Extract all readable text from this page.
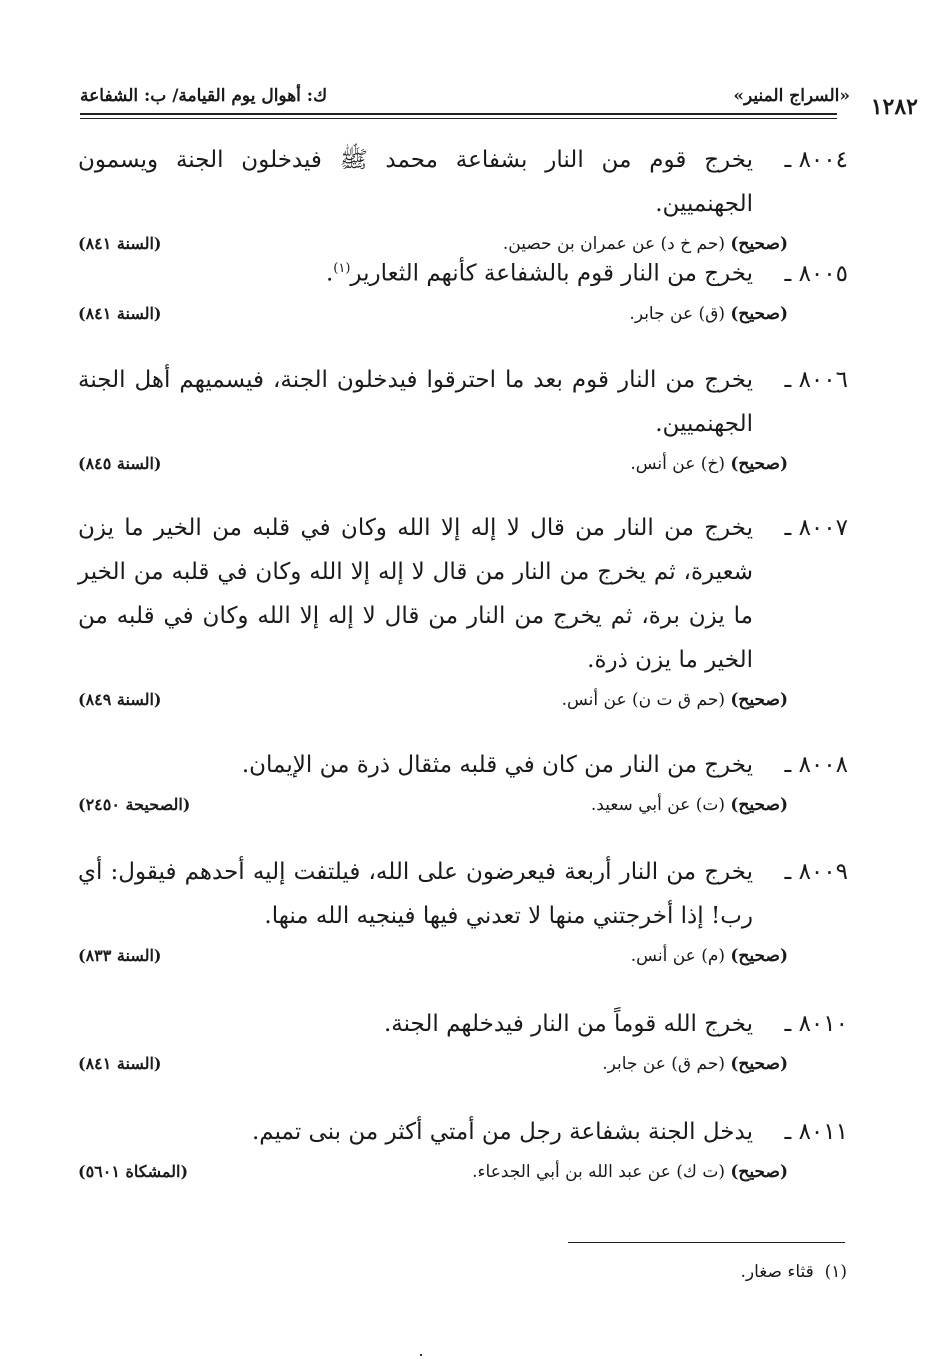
«السراج المنير» ١٢٨٢
ك: أهوال يوم القيامة/ ب: الشفاعة
٨٠٠٤ ـيخرج قوم من النار بشفاعة محمد ﷺ فيدخلون الجنة ويسمون الجهنميين.
(صحيح) (حم خ د) عن عمران بن حصين.
(السنة ٨٤١)
٨٠٠٥ ـيخرج من النار قوم بالشفاعة كأنهم الثعارير$^{(١)}$.
(صحيح) (ق) عن جابر.
(السنة ٨٤١)
٨٠٠٦ ـيخرج من النار قوم بعد ما احترقوا فيدخلون الجنة، فيسميهم أهل الجنة الجهنميين.
(صحيح) (خ) عن أنس.
(السنة ٨٤٥)
٨٠٠٧ ـيخرج من النار من قال لا إله إلا الله وكان في قلبه من الخير ما يزن شعيرة، ثم يخرج من النار من قال لا إله إلا الله وكان في قلبه من الخير ما يزن برة، ثم يخرج من النار من قال لا إله إلا الله وكان في قلبه من الخير ما يزن ذرة.
(صحيح) (حم ق ت ن) عن أنس.
(السنة ٨٤٩)
٨٠٠٨ ـيخرج من النار من كان في قلبه مثقال ذرة من الإيمان.
(صحيح) (ت) عن أبي سعيد.
(الصحيحة ٢٤٥٠)
٨٠٠٩ ـيخرج من النار أربعة فيعرضون على الله، فيلتفت إليه أحدهم فيقول: أي رب! إذا أخرجتني منها لا تعدني فيها فينجيه الله منها.
(صحيح) (م) عن أنس.
(السنة ٨٣٣)
٨٠١٠ ـيخرج الله قوماً من النار فيدخلهم الجنة.
(صحيح) (حم ق) عن جابر.
(السنة ٨٤١)
٨٠١١ ـيدخل الجنة بشفاعة رجل من أمتي أكثر من بنى تميم.
(صحيح) (ت ك) عن عبد الله بن أبي الجدعاء.
(المشكاة ٥٦٠١)
(١)  قثاء صغار.
